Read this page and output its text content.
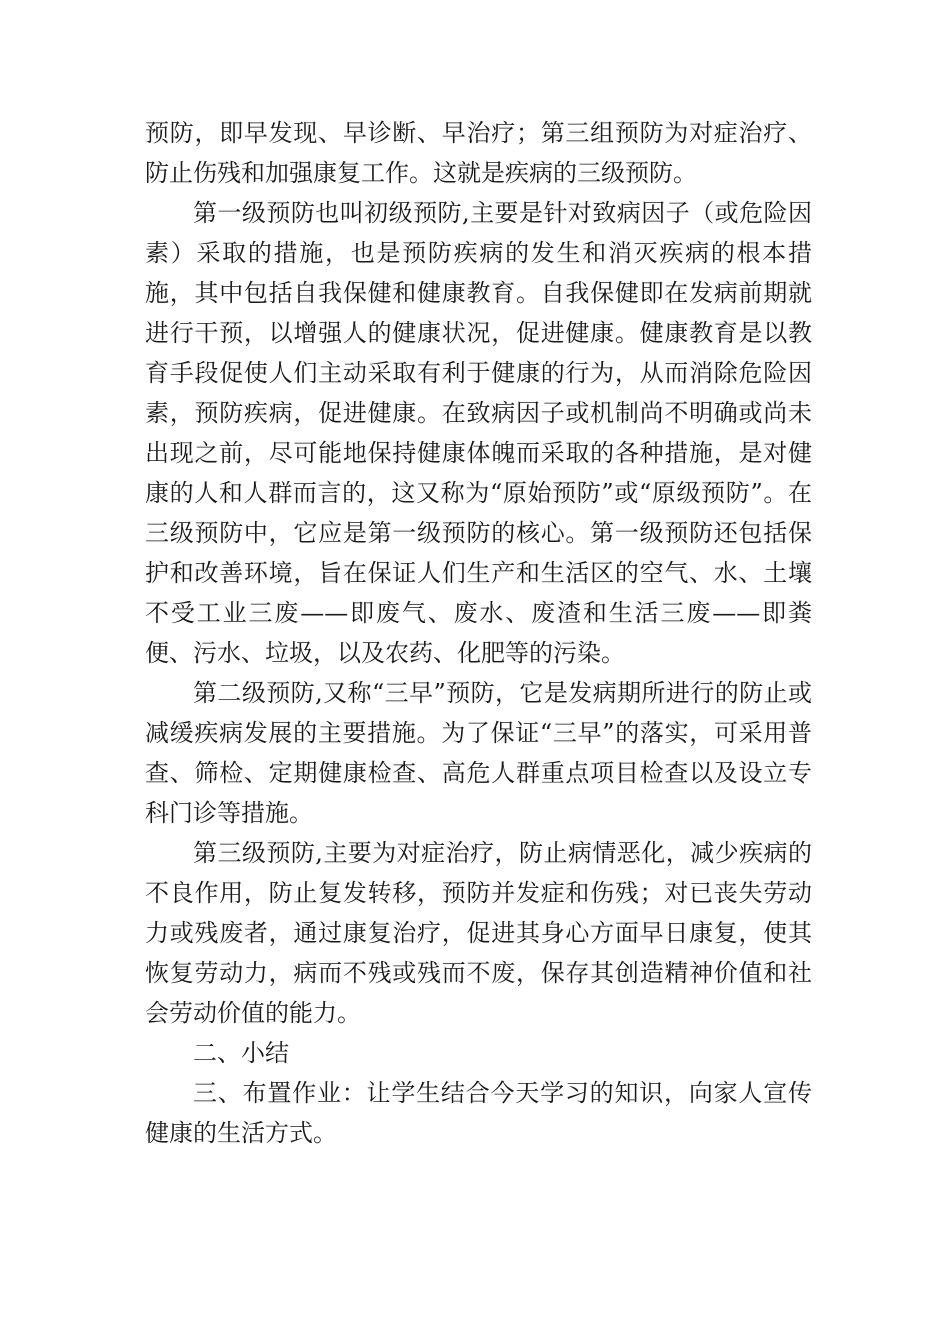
预防，即早发现、早诊断、早治疗；第三组预防为对症治疗、防止伤残和加强康复工作。这就是疾病的三级预防。

第一级预防也叫初级预防,主要是针对致病因子（或危险因素）采取的措施，也是预防疾病的发生和消灭疾病的根本措施，其中包括自我保健和健康教育。自我保健即在发病前期就进行干预，以增强人的健康状况，促进健康。健康教育是以教育手段促使人们主动采取有利于健康的行为，从而消除危险因素，预防疾病，促进健康。在致病因子或机制尚不明确或尚未出现之前，尽可能地保持健康体魄而采取的各种措施，是对健康的人和人群而言的，这又称为“原始预防”或“原级预防”。在三级预防中，它应是第一级预防的核心。第一级预防还包括保护和改善环境，旨在保证人们生产和生活区的空气、水、土壤不受工业三废——即废气、废水、废渣和生活三废——即粪便、污水、垃圾，以及农药、化肥等的污染。

第二级预防,又称“三早”预防，它是发病期所进行的防止或减缓疾病发展的主要措施。为了保证“三早”的落实，可采用普查、筛检、定期健康检查、高危人群重点项目检查以及设立专科门诊等措施。

第三级预防,主要为对症治疗，防止病情恶化，减少疾病的不良作用，防止复发转移，预防并发症和伤残；对已丧失劳动力或残废者，通过康复治疗，促进其身心方面早日康复，使其恢复劳动力，病而不残或残而不废，保存其创造精神价值和社会劳动价值的能力。

二、小结

三、布置作业：让学生结合今天学习的知识，向家人宣传健康的生活方式。
